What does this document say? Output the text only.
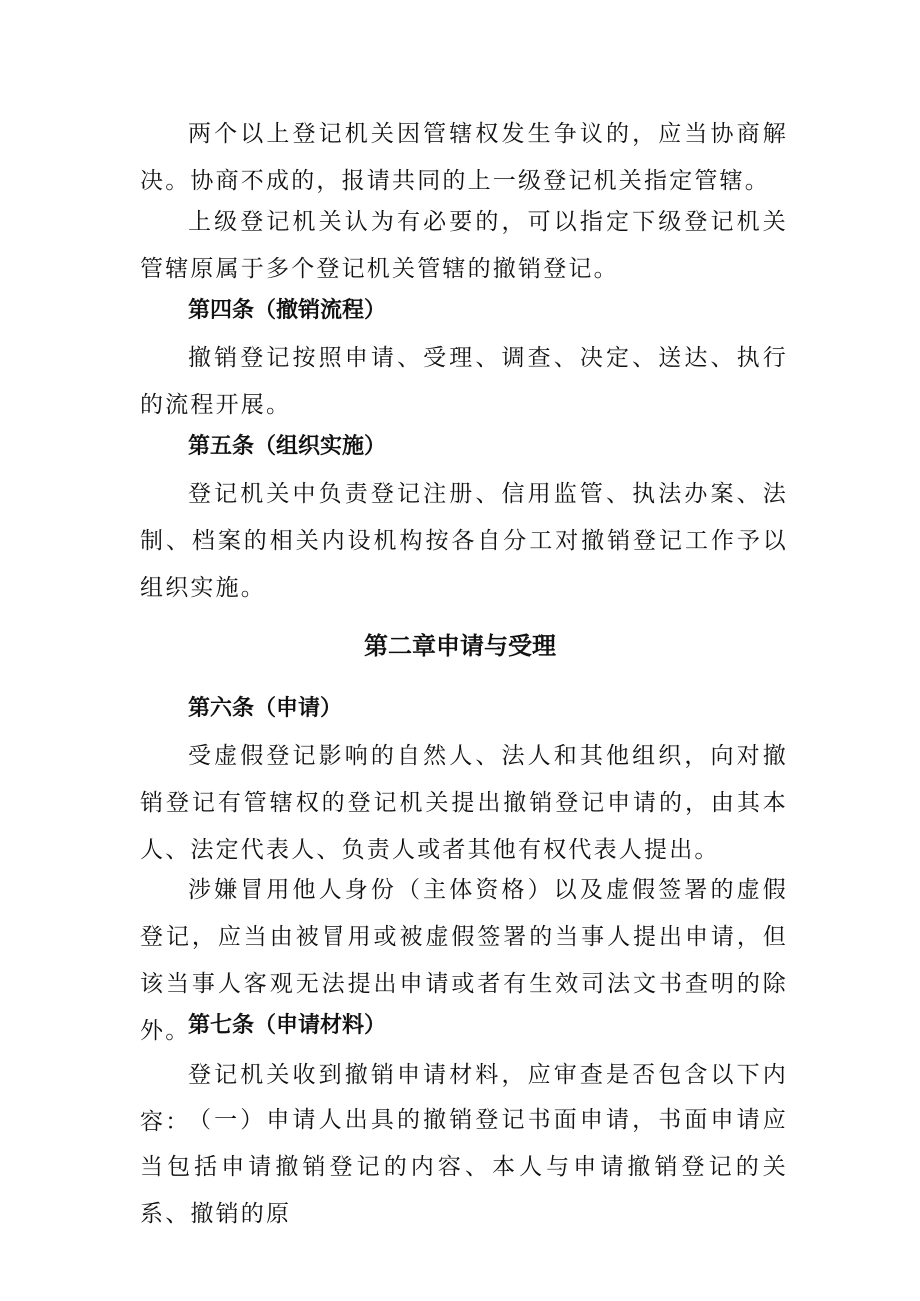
两个以上登记机关因管辖权发生争议的，应当协商解决。协商不成的，报请共同的上一级登记机关指定管辖。

上级登记机关认为有必要的，可以指定下级登记机关管辖原属于多个登记机关管辖的撤销登记。

第四条（撤销流程）

撤销登记按照申请、受理、调查、决定、送达、执行的流程开展。

第五条（组织实施）

登记机关中负责登记注册、信用监管、执法办案、法制、档案的相关内设机构按各自分工对撤销登记工作予以组织实施。

第二章申请与受理
第六条（申请）

受虚假登记影响的自然人、法人和其他组织，向对撤销登记有管辖权的登记机关提出撤销登记申请的，由其本人、法定代表人、负责人或者其他有权代表人提出。

涉嫌冒用他人身份（主体资格）以及虚假签署的虚假登记，应当由被冒用或被虚假签署的当事人提出申请，但该当事人客观无法提出申请或者有生效司法文书查明的除外。

第七条（申请材料）

登记机关收到撤销申请材料，应审查是否包含以下内容：

（一）申请人出具的撤销登记书面申请，书面申请应当包括申请撤销登记的内容、本人与申请撤销登记的关系、撤销的原
